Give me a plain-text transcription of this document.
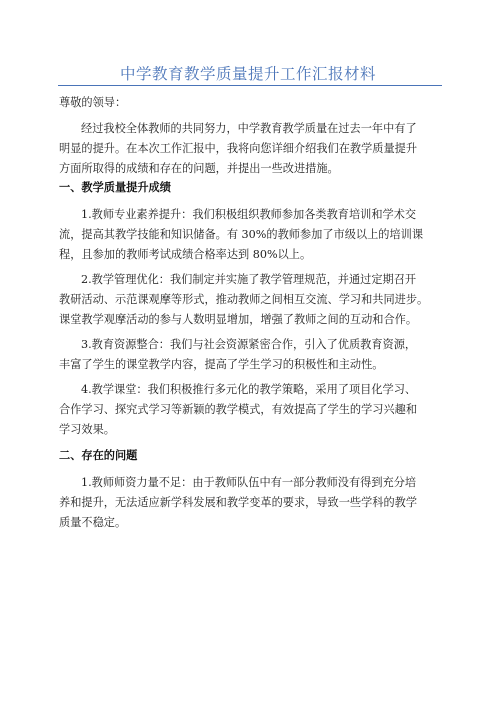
中学教育教学质量提升工作汇报材料
尊敬的领导：
经过我校全体教师的共同努力，中学教育教学质量在过去一年中有了
明显的提升。在本次工作汇报中，我将向您详细介绍我们在教学质量提升
方面所取得的成绩和存在的问题，并提出一些改进措施。
一、教学质量提升成绩
1.教师专业素养提升：我们积极组织教师参加各类教育培训和学术交
流，提高其教学技能和知识储备。有 30%的教师参加了市级以上的培训课
程，且参加的教师考试成绩合格率达到 80%以上。
2.教学管理优化：我们制定并实施了教学管理规范，并通过定期召开
教研活动、示范课观摩等形式，推动教师之间相互交流、学习和共同进步。
课堂教学观摩活动的参与人数明显增加，增强了教师之间的互动和合作。
3.教育资源整合：我们与社会资源紧密合作，引入了优质教育资源，
丰富了学生的课堂教学内容，提高了学生学习的积极性和主动性。
4.教学课堂：我们积极推行多元化的教学策略，采用了项目化学习、
合作学习、探究式学习等新颖的教学模式，有效提高了学生的学习兴趣和
学习效果。
二、存在的问题
1.教师师资力量不足：由于教师队伍中有一部分教师没有得到充分培
养和提升，无法适应新学科发展和教学变革的要求，导致一些学科的教学
质量不稳定。
